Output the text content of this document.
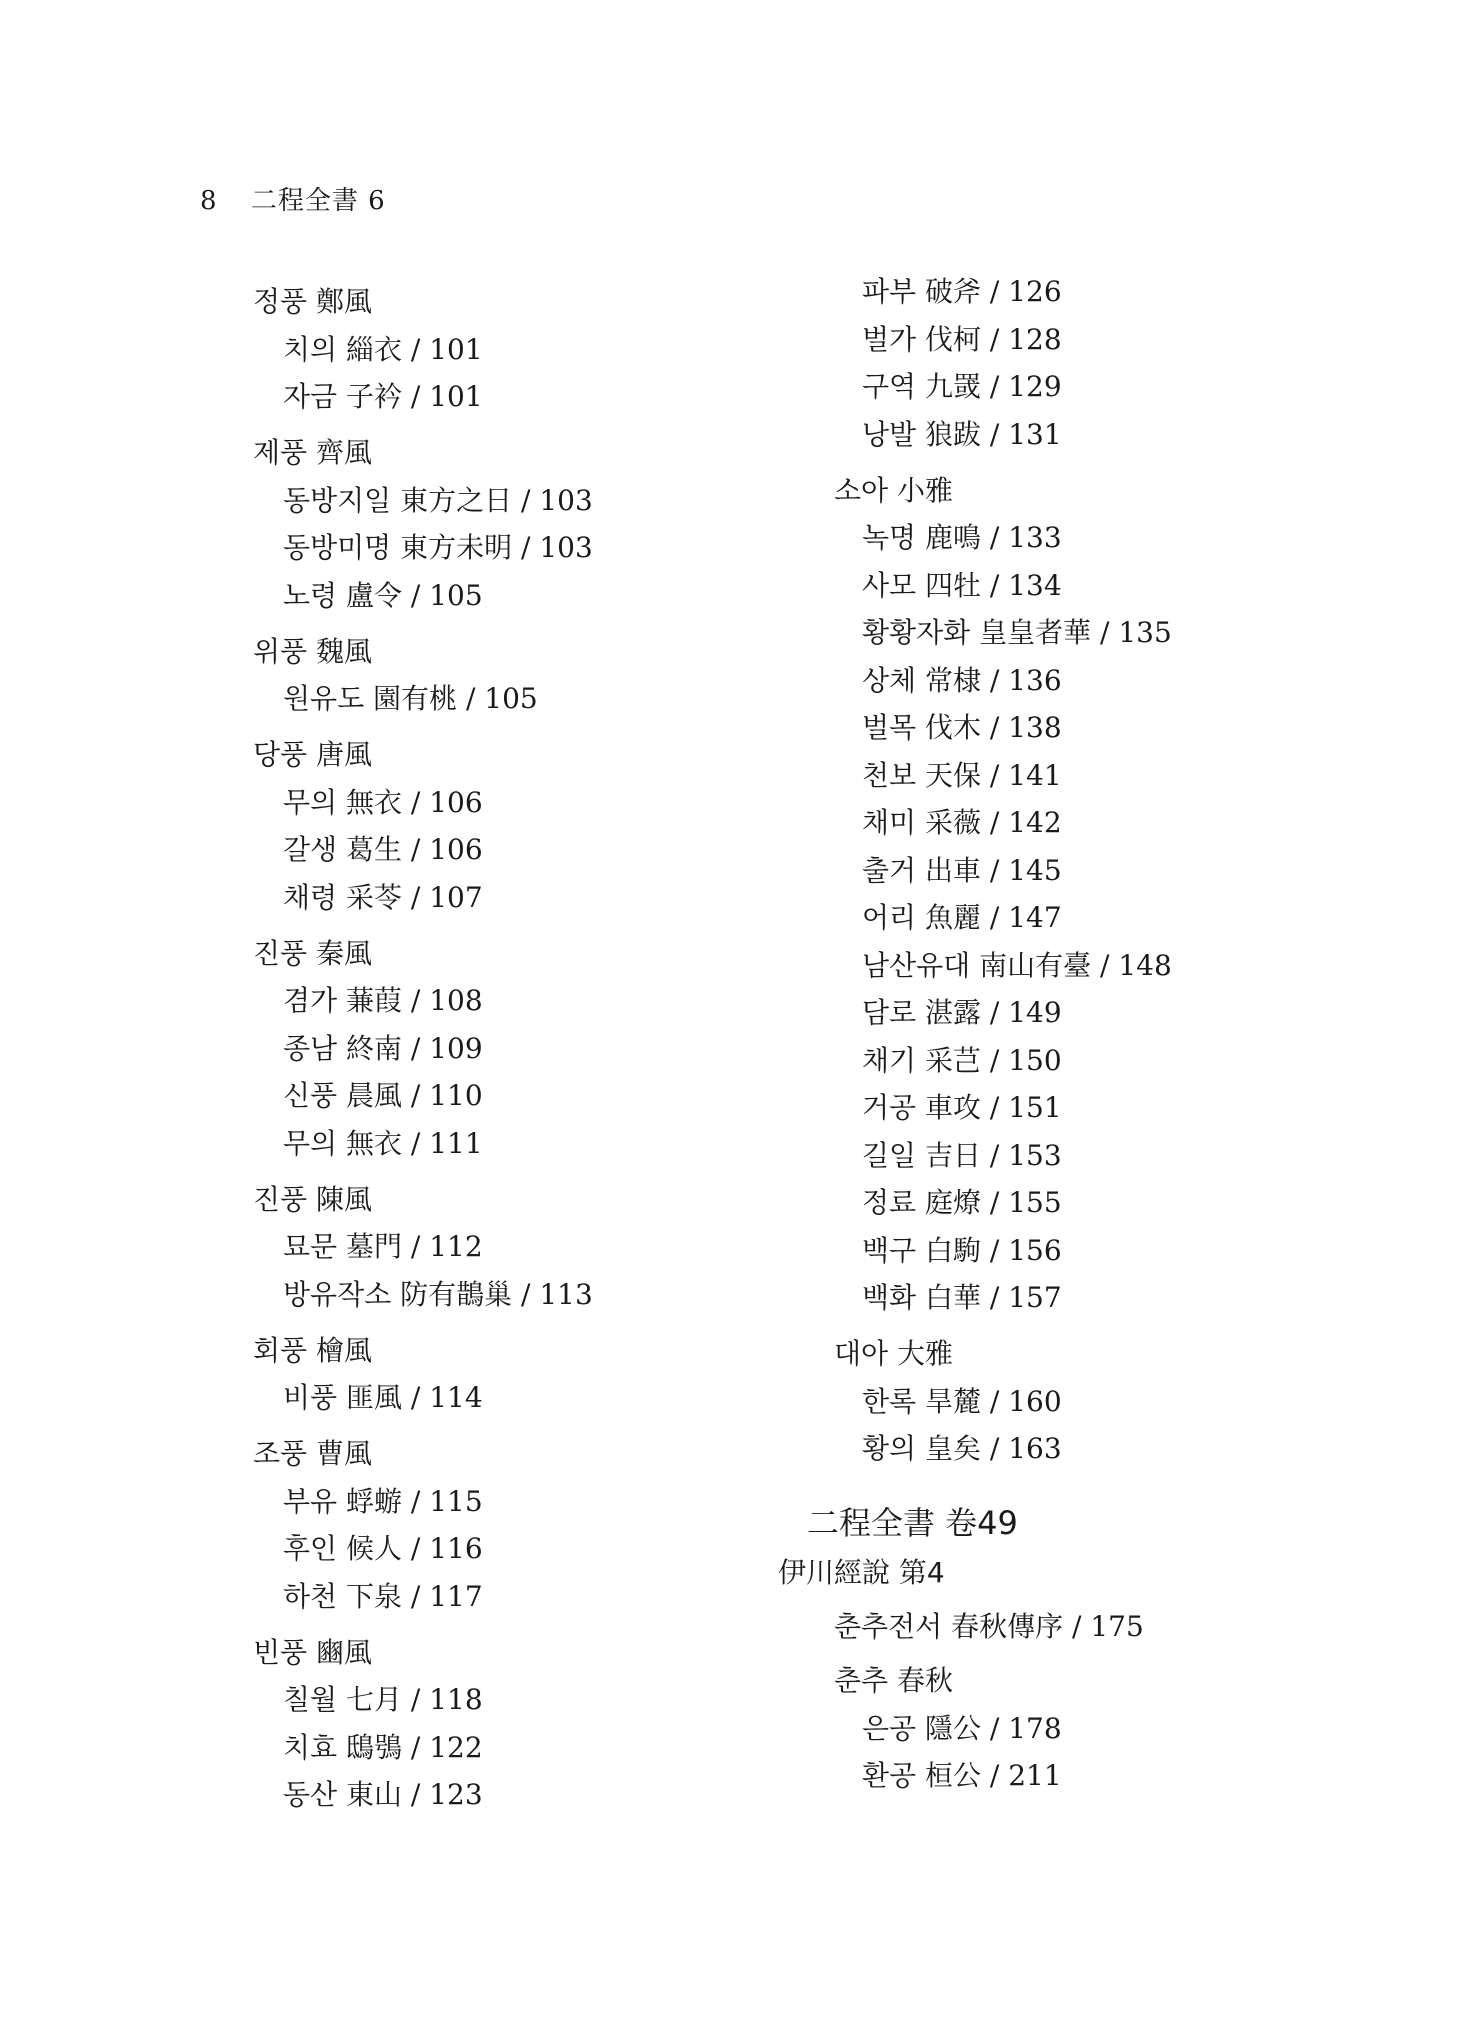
8 二程全書 6
정풍 鄭風
치의 緇衣 / 101
자금 子衿 / 101
제풍 齊風
동방지일 東方之日 / 103
동방미명 東方未明 / 103
노령 盧令 / 105
위풍 魏風
원유도 園有桃 / 105
당풍 唐風
무의 無衣 / 106
갈생 葛生 / 106
채령 采苓 / 107
진풍 秦風
겸가 蒹葭 / 108
종남 終南 / 109
신풍 晨風 / 110
무의 無衣 / 111
진풍 陳風
묘문 墓門 / 112
방유작소 防有鵲巢 / 113
회풍 檜風
비풍 匪風 / 114
조풍 曹風
부유 蜉蝣 / 115
후인 候人 / 116
하천 下泉 / 117
빈풍 豳風
칠월 七月 / 118
치효 鴟鴞 / 122
동산 東山 / 123
파부 破斧 / 126
벌가 伐柯 / 128
구역 九罭 / 129
낭발 狼跋 / 131
소아 小雅
녹명 鹿鳴 / 133
사모 四牡 / 134
황황자화 皇皇者華 / 135
상체 常棣 / 136
벌목 伐木 / 138
천보 天保 / 141
채미 采薇 / 142
출거 出車 / 145
어리 魚麗 / 147
남산유대 南山有臺 / 148
담로 湛露 / 149
채기 采芑 / 150
거공 車攻 / 151
길일 吉日 / 153
정료 庭燎 / 155
백구 白駒 / 156
백화 白華 / 157
대아 大雅
한록 旱麓 / 160
황의 皇矣 / 163
二程全書 卷49
伊川經說 第4
춘추전서 春秋傳序 / 175
춘추 春秋
은공 隱公 / 178
환공 桓公 / 211
